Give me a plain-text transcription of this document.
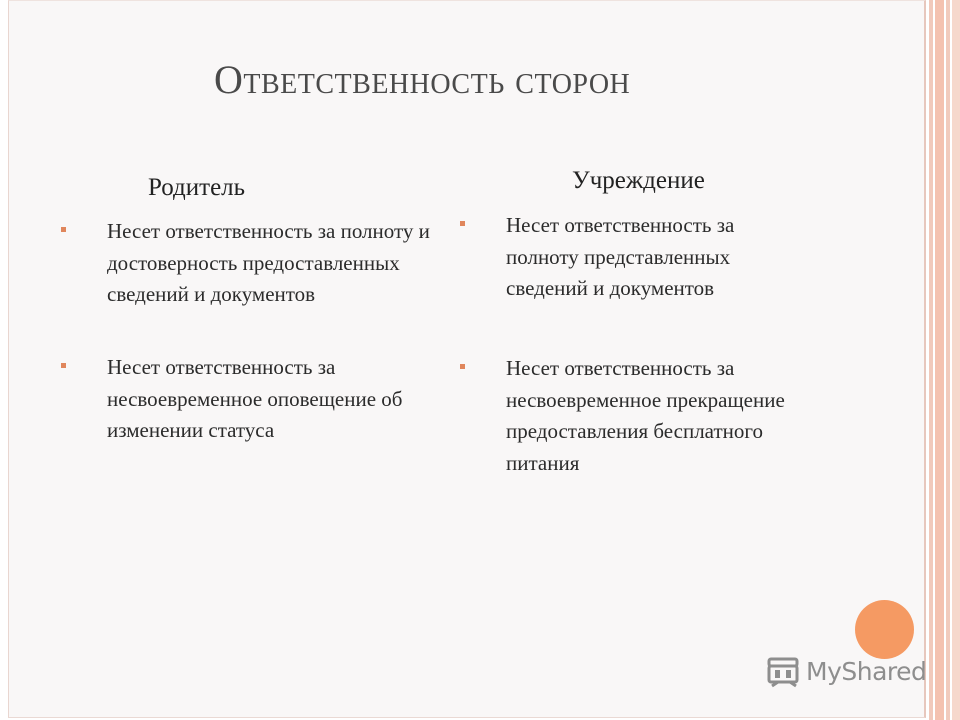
Ответственность сторон
Родитель	Учреждение

Несет ответственность за полноту и достоверность предоставленных сведений и документов

Несет ответственность за несвоевременное оповещение об изменении статуса

Несет ответственность за полноту представленных сведений и документов

Несет ответственность за несвоевременное прекращение предоставления бесплатного питания

MyShared
